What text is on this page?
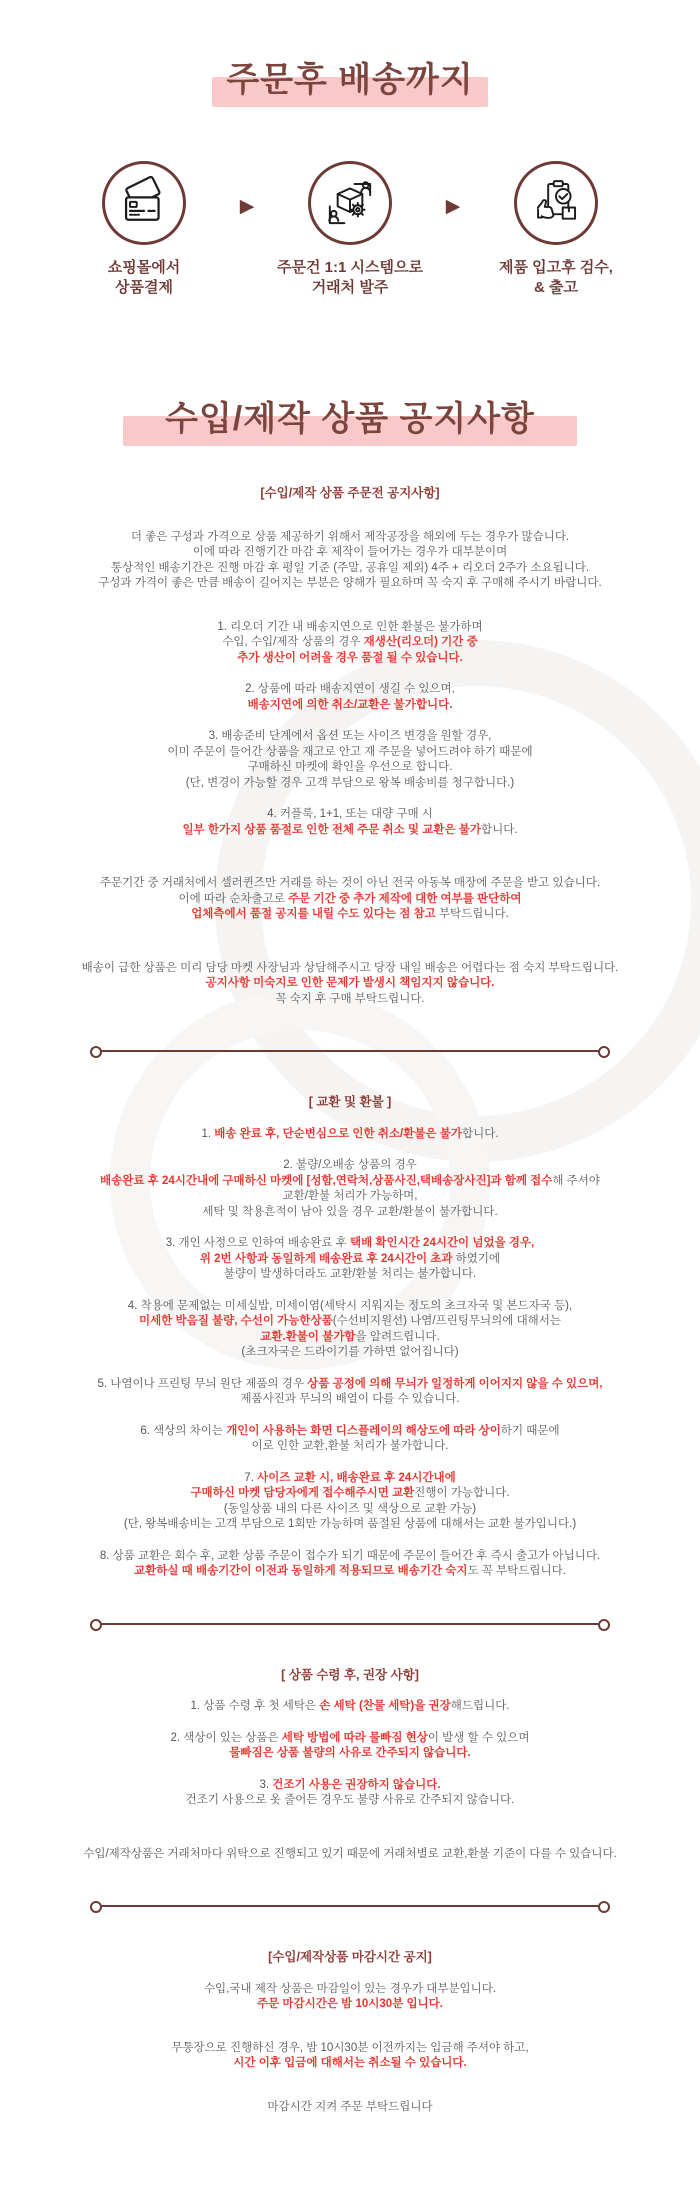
주문후 배송까지
쇼핑몰에서
상품결제
▶
주문건 1:1 시스템으로
거래처 발주
▶
제품 입고후 검수,
& 출고
수입/제작 상품 공지사항
[수입/제작 상품 주문전 공지사항]
더 좋은 구성과 가격으로 상품 제공하기 위해서 제작공장을 해외에 두는 경우가 많습니다.
이에 따라 진행기간 마감 후 제작이 들어가는 경우가 대부분이며
통상적인 배송기간은 진행 마감 후 평일 기준 (주말, 공휴일 제외) 4주 + 리오더 2주가 소요됩니다.
구성과 가격이 좋은 만큼 배송이 길어지는 부분은 양해가 필요하며 꼭 숙지 후 구매해 주시기 바랍니다.
1. 리오더 기간 내 배송지연으로 인한 환불은 불가하며
수입, 수입/제작 상품의 경우 재생산(리오더) 기간 중
추가 생산이 어려울 경우 품절 될 수 있습니다.
2. 상품에 따라 배송지연이 생길 수 있으며,
배송지연에 의한 취소/교환은 불가합니다.
3. 배송준비 단계에서 옵션 또는 사이즈 변경을 원할 경우,
이미 주문이 들어간 상품을 재고로 안고 재 주문을 넣어드려야 하기 때문에
구매하신 마켓에 확인을 우선으로 합니다.
(단, 변경이 가능할 경우 고객 부담으로 왕복 배송비를 청구합니다.)
4. 커플룩, 1+1, 또는 대량 구매 시
일부 한가지 상품 품절로 인한 전체 주문 취소 및 교환은 불가합니다.
주문기간 중 거래처에서 셀러퀸즈만 거래를 하는 것이 아닌 전국 아동복 매장에 주문을 받고 있습니다.
이에 따라 순차출고로 주문 기간 중 추가 제작에 대한 여부를 판단하여
업체측에서 품절 공지를 내릴 수도 있다는 점 참고 부탁드립니다.
배송이 급한 상품은 미리 담당 마켓 사장님과 상담해주시고 당장 내일 배송은 어렵다는 점 숙지 부탁드립니다.
공지사항 미숙지로 인한 문제가 발생시 책임지지 않습니다.
꼭 숙지 후 구매 부탁드립니다.
[ 교환 및 환불 ]
1. 배송 완료 후, 단순변심으로 인한 취소/환불은 불가합니다.
2. 불량/오배송 상품의 경우
배송완료 후 24시간내에 구매하신 마켓에 [성함,연락처,상품사진,택배송장사진]과 함께 접수해 주셔야
교환/환불 처리가 가능하며,
세탁 및 착용흔적이 남아 있을 경우 교환/환불이 불가합니다.
3. 개인 사정으로 인하여 배송완료 후 택배 확인시간 24시간이 넘었을 경우,
위 2번 사항과 동일하게 배송완료 후 24시간이 초과 하였기에
불량이 발생하더라도 교환/환불 처리는 불가합니다.
4. 착용에 문제없는 미세실밥, 미세이염(세탁시 지워지는 정도의 초크자국 및 본드자국 등),
미세한 박음질 불량, 수선이 가능한상품(수선비지원선) 나염/프린팅무늬의에 대해서는
교환.환불이 불가함을 알려드립니다.
(초크자국은 드라이기를 가하면 없어집니다)
5. 나염이나 프린팅 무늬 원단 제품의 경우 상품 공정에 의해 무늬가 일정하게 이어지지 않을 수 있으며,
제품사진과 무늬의 배열이 다를 수 있습니다.
6. 색상의 차이는 개인이 사용하는 화면 디스플레이의 해상도에 따라 상이하기 때문에
이로 인한 교환,환불 처리가 불가합니다.
7. 사이즈 교환 시, 배송완료 후 24시간내에
구매하신 마켓 담당자에게 접수해주시면 교환진행이 가능합니다.
(동일상품 내의 다른 사이즈 및 색상으로 교환 가능)
(단, 왕복배송비는 고객 부담으로 1회만 가능하며 품절된 상품에 대해서는 교환 불가입니다.)
8. 상품 교환은 회수 후, 교환 상품 주문이 접수가 되기 때문에 주문이 들어간 후 즉시 출고가 아닙니다.
교환하실 때 배송기간이 이전과 동일하게 적용되므로 배송기간 숙지도 꼭 부탁드립니다.
[ 상품 수령 후, 권장 사항]
1. 상품 수령 후 첫 세탁은 손 세탁 (찬물 세탁)을 권장해드립니다.
2. 색상이 있는 상품은 세탁 방법에 따라 물빠짐 현상이 발생 할 수 있으며
물빠짐은 상품 불량의 사유로 간주되지 않습니다.
3. 건조기 사용은 권장하지 않습니다.
건조기 사용으로 옷 줄어든 경우도 불량 사유로 간주되지 않습니다.
수입/제작상품은 거래처마다 위탁으로 진행되고 있기 때문에 거래처별로 교환,환불 기준이 다를 수 있습니다.
[수입/제작상품 마감시간 공지]
수입,국내 제작 상품은 마감일이 있는 경우가 대부분입니다.
주문 마감시간은 밤 10시30분 입니다.
무통장으로 진행하신 경우, 밤 10시30분 이전까지는 입금해 주셔야 하고,
시간 이후 입금에 대해서는 취소될 수 있습니다.
마감시간 지켜 주문 부탁드립니다
